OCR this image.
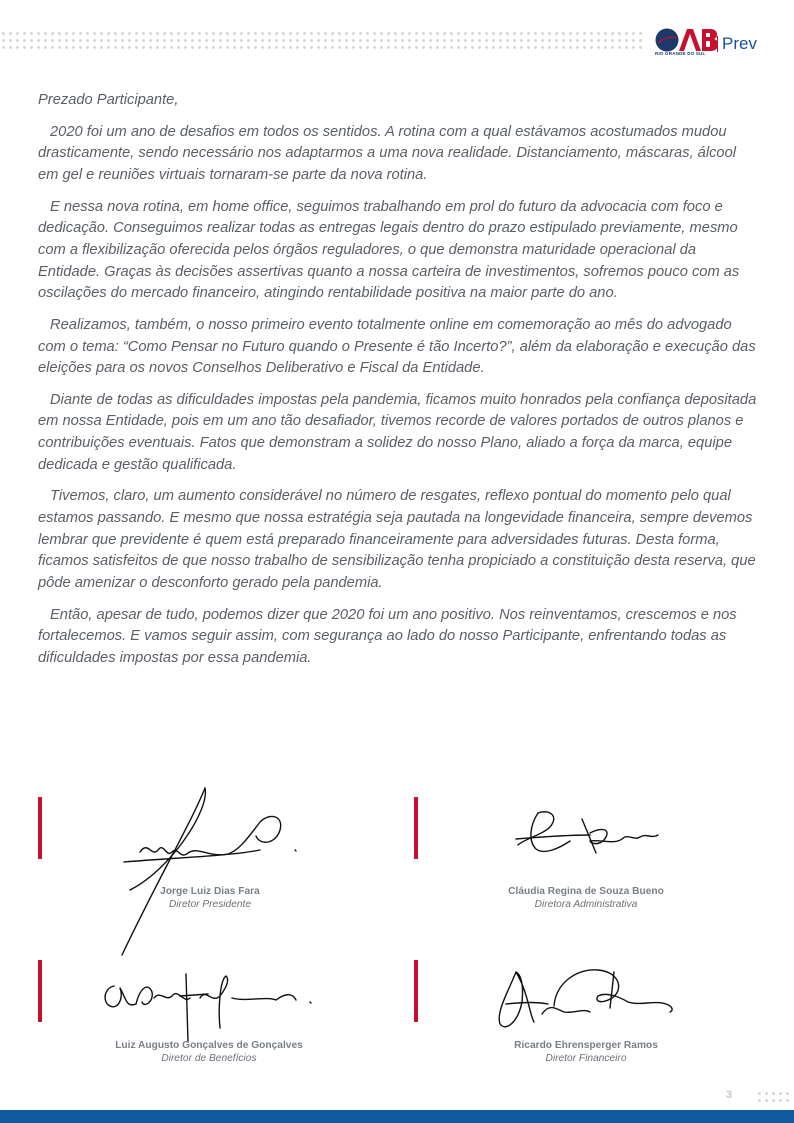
Prev
RIO GRANDE DO SUL

Prezado Participante,

2020 foi um ano de desafios em todos os sentidos. A rotina com a qual estávamos acostumados mudou drasticamente, sendo necessário nos adaptarmos a uma nova realidade. Distanciamento, máscaras, álcool em gel e reuniões virtuais tornaram-se parte da nova rotina.

E nessa nova rotina, em home office, seguimos trabalhando em prol do futuro da advocacia com foco e dedicação. Conseguimos realizar todas as entregas legais dentro do prazo estipulado previamente, mesmo com a flexibilização oferecida pelos órgãos reguladores, o que demonstra maturidade operacional da Entidade. Graças às decisões assertivas quanto a nossa carteira de investimentos, sofremos pouco com as oscilações do mercado financeiro, atingindo rentabilidade positiva na maior parte do ano.

Realizamos, também, o nosso primeiro evento totalmente online em comemoração ao mês do advogado com o tema: “Como Pensar no Futuro quando o Presente é tão Incerto?”, além da elaboração e execução das eleições para os novos Conselhos Deliberativo e Fiscal da Entidade.

Diante de todas as dificuldades impostas pela pandemia, ficamos muito honrados pela confiança depositada em nossa Entidade, pois em um ano tão desafiador, tivemos recorde de valores portados de outros planos e contribuições eventuais. Fatos que demonstram a solidez do nosso Plano, aliado a força da marca, equipe dedicada e gestão qualificada.

Tivemos, claro, um aumento considerável no número de resgates, reflexo pontual do momento pelo qual estamos passando. E mesmo que nossa estratégia seja pautada na longevidade financeira, sempre devemos lembrar que previdente é quem está preparado financeiramente para adversidades futuras. Desta forma, ficamos satisfeitos de que nosso trabalho de sensibilização tenha propiciado a constituição desta reserva, que pôde amenizar o desconforto gerado pela pandemia.

Então, apesar de tudo, podemos dizer que 2020 foi um ano positivo. Nos reinventamos, crescemos e nos fortalecemos. E vamos seguir assim, com segurança ao lado do nosso Participante, enfrentando todas as dificuldades impostas por essa pandemia.

Jorge Luiz Dias Fara
Diretor Presidente
Cláudia Regina de Souza Bueno
Diretora Administrativa
Luiz Augusto Gonçalves de Gonçalves
Diretor de Benefícios
Ricardo Ehrensperger Ramos
Diretor Financeiro
3
